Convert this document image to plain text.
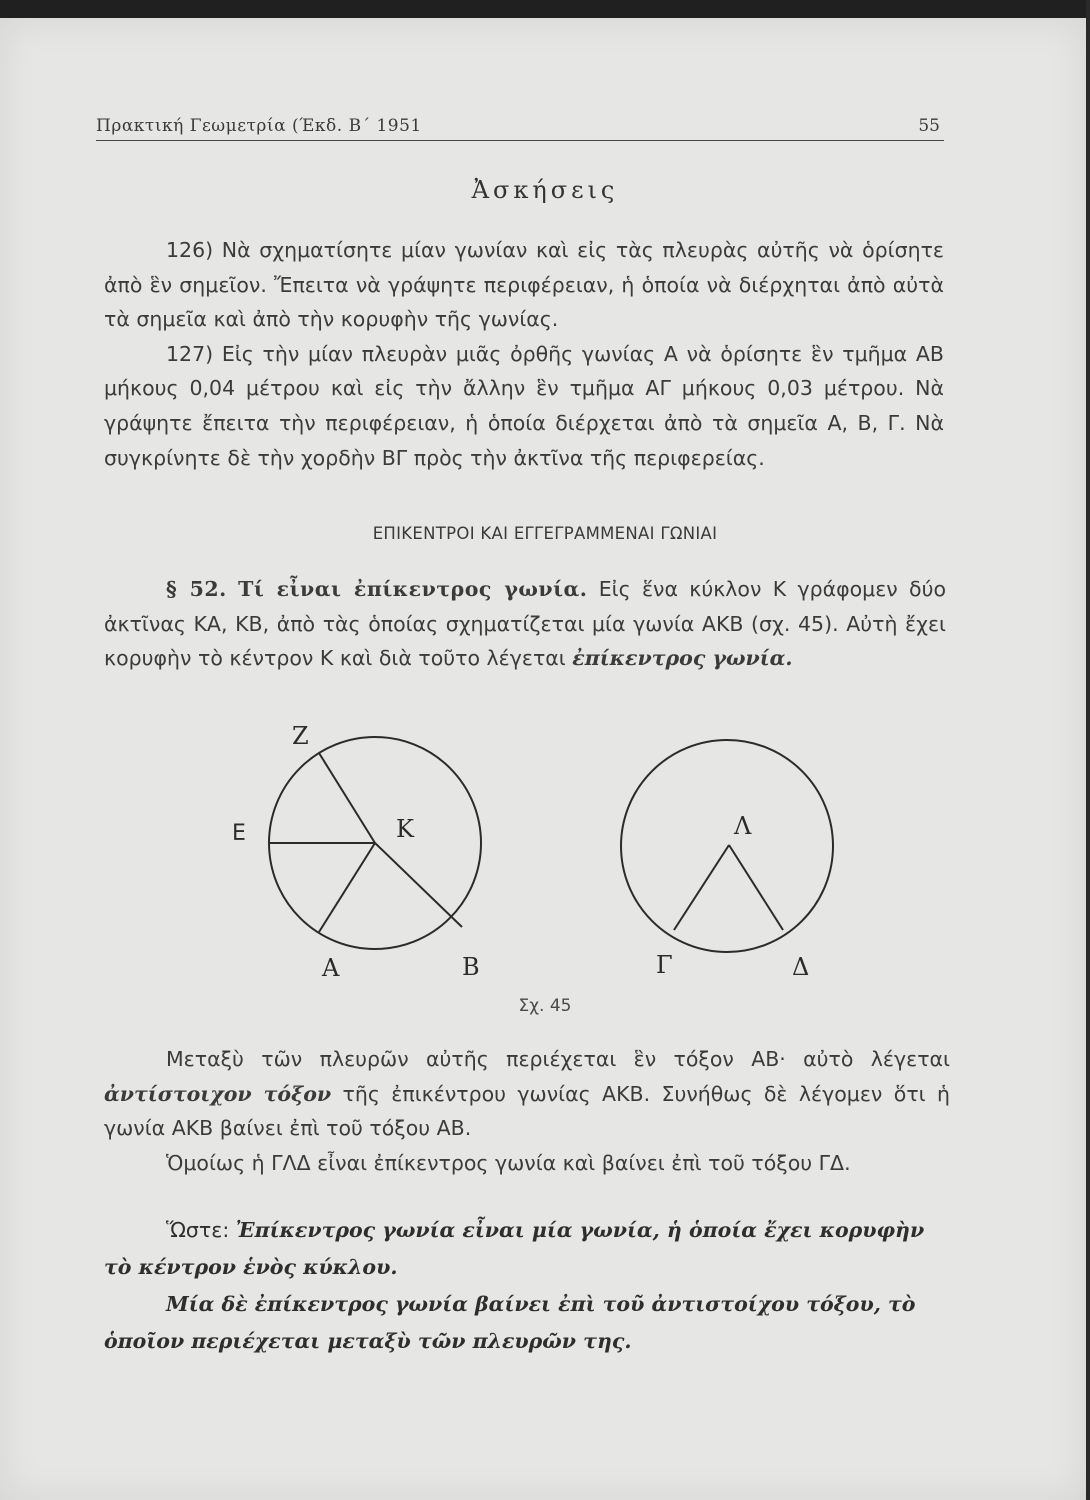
Πρακτική Γεωμετρία (Έκδ. Β΄ 1951	55
Ἀσκήσεις

126) Νὰ σχηματίσητε μίαν γωνίαν καὶ εἰς τὰς πλευρὰς αὐτῆς νὰ ὁρίσητε ἀπὸ ἓν σημεῖον. Ἔπειτα νὰ γράψητε περιφέρειαν, ἡ ὁποία νὰ διέρχηται ἀπὸ αὐτὰ τὰ σημεῖα καὶ ἀπὸ τὴν κορυφὴν τῆς γωνίας.

127) Εἰς τὴν μίαν πλευρὰν μιᾶς ὀρθῆς γωνίας Α νὰ ὁρίσητε ἓν τμῆμα ΑΒ μήκους 0,04 μέτρου καὶ εἰς τὴν ἄλλην ἓν τμῆμα ΑΓ μήκους 0,03 μέτρου. Νὰ γράψητε ἔπειτα τὴν περιφέρειαν, ἡ ὁποία διέρχεται ἀπὸ τὰ σημεῖα Α, Β, Γ. Νὰ συγκρίνητε δὲ τὴν χορδὴν ΒΓ πρὸς τὴν ἀκτῖνα τῆς περιφερείας.

ΕΠΙΚΕΝΤΡΟΙ ΚΑΙ ΕΓΓΕΓΡΑΜΜΕΝΑΙ ΓΩΝΙΑΙ

§ 52. Τί εἶναι ἐπίκεντρος γωνία. Εἰς ἕνα κύκλον Κ γράφομεν δύο ἀκτῖνας ΚΑ, ΚΒ, ἀπὸ τὰς ὁποίας σχηματίζεται μία γωνία ΑΚΒ (σχ. 45). Αὐτὴ ἔχει κορυφὴν τὸ κέντρον Κ καὶ διὰ τοῦτο λέγεται ἐπίκεντρος γωνία.

Z
Ε	Κ
Α	Β
Λ
Γ	Δ
Σχ. 45

Μεταξὺ τῶν πλευρῶν αὐτῆς περιέχεται ἓν τόξον ΑΒ· αὐτὸ λέγεται ἀντίστοιχον τόξον τῆς ἐπικέντρου γωνίας ΑΚΒ. Συνήθως δὲ λέγομεν ὅτι ἡ γωνία ΑΚΒ βαίνει ἐπὶ τοῦ τόξου ΑΒ.

Ὁμοίως ἡ ΓΛΔ εἶναι ἐπίκεντρος γωνία καὶ βαίνει ἐπὶ τοῦ τόξου ΓΔ.

Ὥστε: Ἐπίκεντρος γωνία εἶναι μία γωνία, ἡ ὁποία ἔχει κορυφὴν τὸ κέντρον ἑνὸς κύκλου.

Μία δὲ ἐπίκεντρος γωνία βαίνει ἐπὶ τοῦ ἀντιστοίχου τόξου, τὸ ὁποῖον περιέχεται μεταξὺ τῶν πλευρῶν της.
